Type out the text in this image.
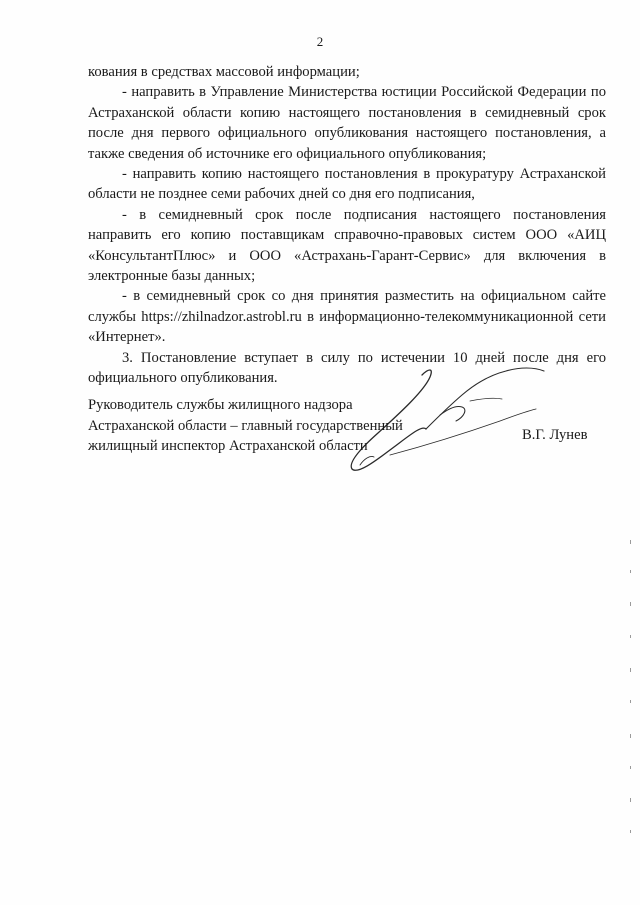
2

кования в средствах массовой информации;

- направить в Управление Министерства юстиции Российской Федерации по Астраханской области копию настоящего постановления в семидневный срок после дня первого официального опубликования настоящего постановления, а также сведения об источнике его официального опубликования;

- направить копию настоящего постановления в прокуратуру Астраханской области не позднее семи рабочих дней со дня его подписания,

- в семидневный срок после подписания настоящего постановления направить его копию поставщикам справочно-правовых систем ООО «АИЦ «КонсультантПлюс» и ООО «Астрахань-Гарант-Сервис» для включения в электронные базы данных;

- в семидневный срок со дня принятия разместить на официальном сайте службы https://zhilnadzor.astrobl.ru в информационно-телекоммуникационной сети «Интернет».

3. Постановление вступает в силу по истечении 10 дней после дня его официального опубликования.

Руководитель службы жилищного надзора
Астраханской области – главный государственный
жилищный инспектор Астраханской области
В.Г. Лунев
